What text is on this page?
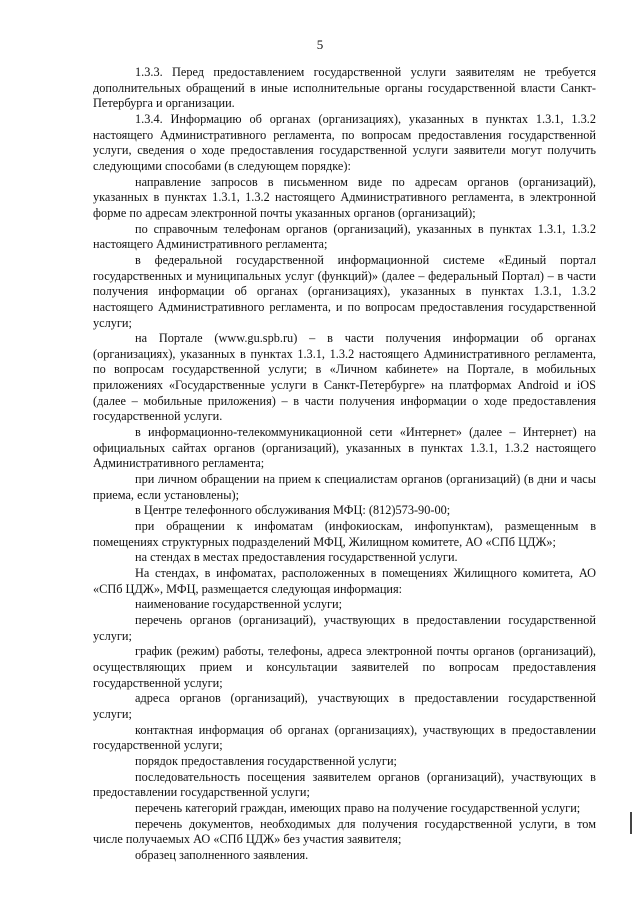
5

1.3.3. Перед предоставлением государственной услуги заявителям не требуется дополнительных обращений в иные исполнительные органы государственной власти Санкт-Петербурга и организации.

1.3.4. Информацию об органах (организациях), указанных в пунктах 1.3.1, 1.3.2 настоящего Административного регламента, по вопросам предоставления государственной услуги, сведения о ходе предоставления государственной услуги заявители могут получить следующими способами (в следующем порядке):

направление запросов в письменном виде по адресам органов (организаций), указанных в пунктах 1.3.1, 1.3.2 настоящего Административного регламента, в электронной форме по адресам электронной почты указанных органов (организаций);

по справочным телефонам органов (организаций), указанных в пунктах 1.3.1, 1.3.2 настоящего Административного регламента;

в федеральной государственной информационной системе «Единый портал государственных и муниципальных услуг (функций)» (далее – федеральный Портал) – в части получения информации об органах (организациях), указанных в пунктах 1.3.1, 1.3.2 настоящего Административного регламента, и по вопросам предоставления государственной услуги;

на Портале (www.gu.spb.ru) – в части получения информации об органах (организациях), указанных в пунктах 1.3.1, 1.3.2 настоящего Административного регламента, по вопросам государственной услуги; в «Личном кабинете» на Портале, в мобильных приложениях «Государственные услуги в Санкт-Петербурге» на платформах Android и iOS (далее – мобильные приложения) – в части получения информации о ходе предоставления государственной услуги.

в информационно-телекоммуникационной сети «Интернет» (далее – Интернет) на официальных сайтах органов (организаций), указанных в пунктах 1.3.1, 1.3.2 настоящего Административного регламента;

при личном обращении на прием к специалистам органов (организаций) (в дни и часы приема, если установлены);

в Центре телефонного обслуживания МФЦ: (812)573-90-00;

при обращении к инфоматам (инфокиоскам, инфопунктам), размещенным в помещениях структурных подразделений МФЦ, Жилищном комитете, АО «СПб ЦДЖ»;

на стендах в местах предоставления государственной услуги.

На стендах, в инфоматах, расположенных в помещениях Жилищного комитета, АО «СПб ЦДЖ», МФЦ, размещается следующая информация:

наименование государственной услуги;

перечень органов (организаций), участвующих в предоставлении государственной услуги;

график (режим) работы, телефоны, адреса электронной почты органов (организаций), осуществляющих прием и консультации заявителей по вопросам предоставления государственной услуги;

адреса органов (организаций), участвующих в предоставлении государственной услуги;

контактная информация об органах (организациях), участвующих в предоставлении государственной услуги;

порядок предоставления государственной услуги;

последовательность посещения заявителем органов (организаций), участвующих в предоставлении государственной услуги;

перечень категорий граждан, имеющих право на получение государственной услуги;

перечень документов, необходимых для получения государственной услуги, в том числе получаемых АО «СПб ЦДЖ» без участия заявителя;

образец заполненного заявления.
